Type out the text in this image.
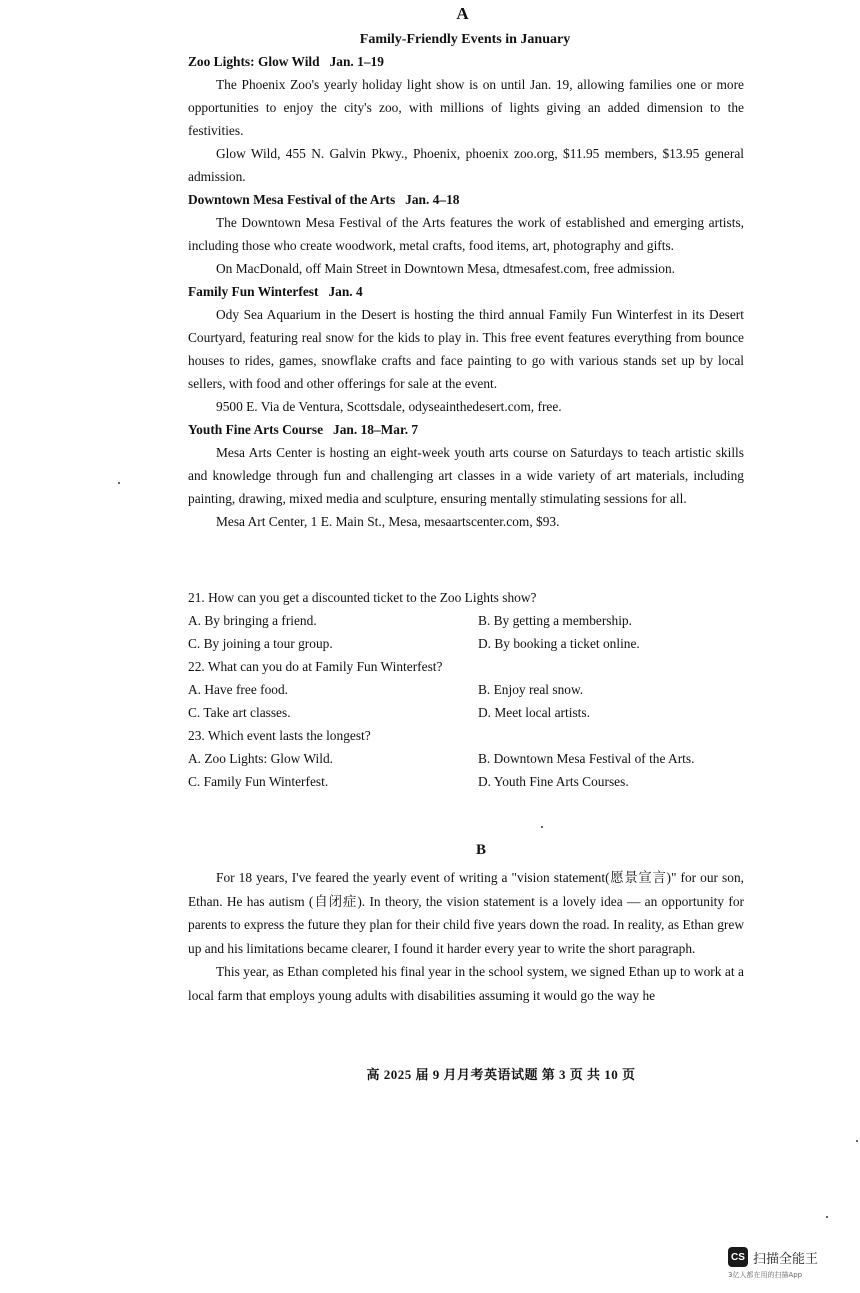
A
Family-Friendly Events in January

Zoo Lights: Glow Wild Jan. 1–19

The Phoenix Zoo's yearly holiday light show is on until Jan. 19, allowing families one or more opportunities to enjoy the city's zoo, with millions of lights giving an added dimension to the festivities.

Glow Wild, 455 N. Galvin Pkwy., Phoenix, phoenix zoo.org, $11.95 members, $13.95 general admission.

Downtown Mesa Festival of the Arts Jan. 4–18

The Downtown Mesa Festival of the Arts features the work of established and emerging artists, including those who create woodwork, metal crafts, food items, art, photography and gifts.

On MacDonald, off Main Street in Downtown Mesa, dtmesafest.com, free admission.

Family Fun Winterfest Jan. 4

Ody Sea Aquarium in the Desert is hosting the third annual Family Fun Winterfest in its Desert Courtyard, featuring real snow for the kids to play in. This free event features everything from bounce houses to rides, games, snowflake crafts and face painting to go with various stands set up by local sellers, with food and other offerings for sale at the event.

9500 E. Via de Ventura, Scottsdale, odyseainthedesert.com, free.

Youth Fine Arts Course Jan. 18–Mar. 7

Mesa Arts Center is hosting an eight-week youth arts course on Saturdays to teach artistic skills and knowledge through fun and challenging art classes in a wide variety of art materials, including painting, drawing, mixed media and sculpture, ensuring mentally stimulating sessions for all.

Mesa Art Center, 1 E. Main St., Mesa, mesaartscenter.com, $93.

21. How can you get a discounted ticket to the Zoo Lights show?

A. By bringing a friend.	B. By getting a membership.
C. By joining a tour group.	D. By booking a ticket online.

22. What can you do at Family Fun Winterfest?

A. Have free food.	B. Enjoy real snow.
C. Take art classes.	D. Meet local artists.

23. Which event lasts the longest?

A. Zoo Lights: Glow Wild.	B. Downtown Mesa Festival of the Arts.
C. Family Fun Winterfest.	D. Youth Fine Arts Courses.
B

For 18 years, I've feared the yearly event of writing a "vision statement(愿景宣言)" for our son, Ethan. He has autism (自闭症). In theory, the vision statement is a lovely idea — an opportunity for parents to express the future they plan for their child five years down the road. In reality, as Ethan grew up and his limitations became clearer, I found it harder every year to write the short paragraph.

This year, as Ethan completed his final year in the school system, we signed Ethan up to work at a local farm that employs young adults with disabilities assuming it would go the way he

高 2025 届 9 月月考英语试题 第 3 页 共 10 页
CS 扫描全能王
3亿人都在用的扫描App
